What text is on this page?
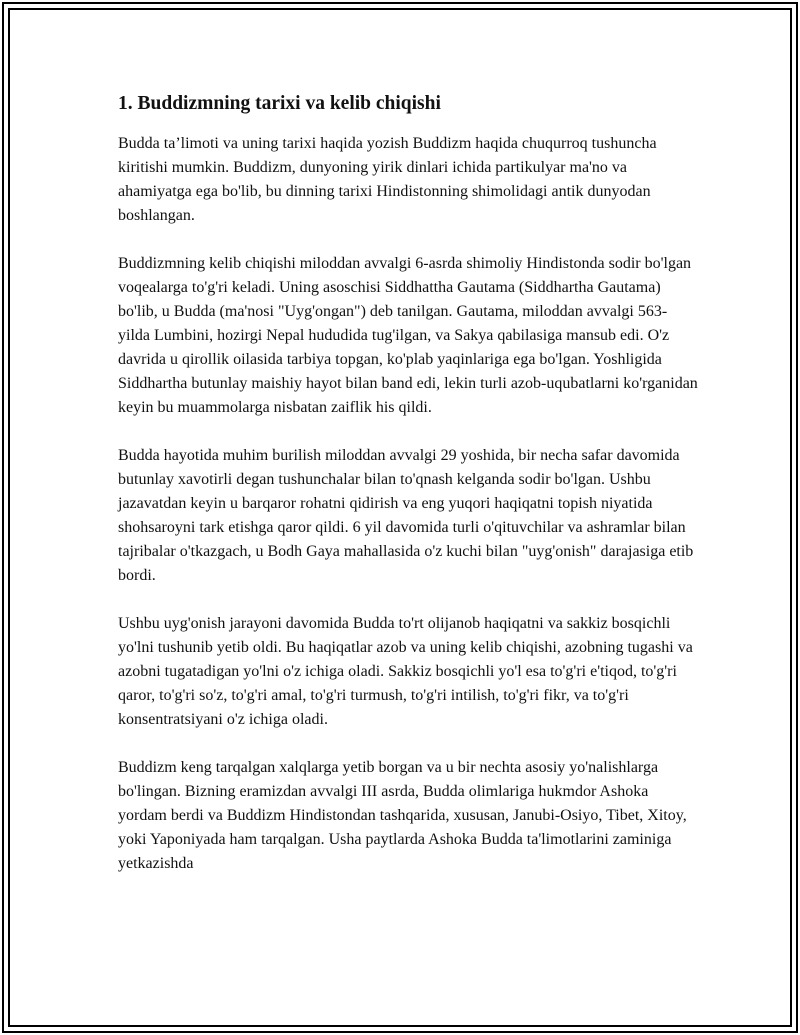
1. Buddizmning tarixi va kelib chiqishi

Budda ta’limoti va uning tarixi haqida yozish Buddizm haqida chuqurroq tushuncha kiritishi mumkin. Buddizm, dunyoning yirik dinlari ichida partikulyar ma'no va ahamiyatga ega bo'lib, bu dinning tarixi Hindistonning shimolidagi antik dunyodan boshlangan.

Buddizmning kelib chiqishi miloddan avvalgi 6-asrda shimoliy Hindistonda sodir bo'lgan voqealarga to'g'ri keladi. Uning asoschisi Siddhattha Gautama (Siddhartha Gautama) bo'lib, u Budda (ma'nosi "Uyg'ongan") deb tanilgan. Gautama, miloddan avvalgi 563-yilda Lumbini, hozirgi Nepal hududida tug'ilgan, va Sakya qabilasiga mansub edi. O'z davrida u qirollik oilasida tarbiya topgan, ko'plab yaqinlariga ega bo'lgan. Yoshligida Siddhartha butunlay maishiy hayot bilan band edi, lekin turli azob-uqubatlarni ko'rganidan keyin bu muammolarga nisbatan zaiflik his qildi.

Budda hayotida muhim burilish miloddan avvalgi 29 yoshida, bir necha safar davomida butunlay xavotirli degan tushunchalar bilan to'qnash kelganda sodir bo'lgan. Ushbu jazavatdan keyin u barqaror rohatni qidirish va eng yuqori haqiqatni topish niyatida shohsaroyni tark etishga qaror qildi. 6 yil davomida turli o'qituvchilar va ashramlar bilan tajribalar o'tkazgach, u Bodh Gaya mahallasida o'z kuchi bilan "uyg'onish" darajasiga etib bordi.

Ushbu uyg'onish jarayoni davomida Budda to'rt olijanob haqiqatni va sakkiz bosqichli yo'lni tushunib yetib oldi. Bu haqiqatlar azob va uning kelib chiqishi, azobning tugashi va azobni tugatadigan yo'lni o'z ichiga oladi. Sakkiz bosqichli yo'l esa to'g'ri e'tiqod, to'g'ri qaror, to'g'ri so'z, to'g'ri amal, to'g'ri turmush, to'g'ri intilish, to'g'ri fikr, va to'g'ri konsentratsiyani o'z ichiga oladi.

Buddizm keng tarqalgan xalqlarga yetib borgan va u bir nechta asosiy yo'nalishlarga bo'lingan. Bizning eramizdan avvalgi III asrda, Budda olimlariga hukmdor Ashoka yordam berdi va Buddizm Hindistondan tashqarida, xususan, Janubi-Osiyo, Tibet, Xitoy, yoki Yaponiyada ham tarqalgan. Usha paytlarda Ashoka Budda ta'limotlarini zaminiga yetkazishda
